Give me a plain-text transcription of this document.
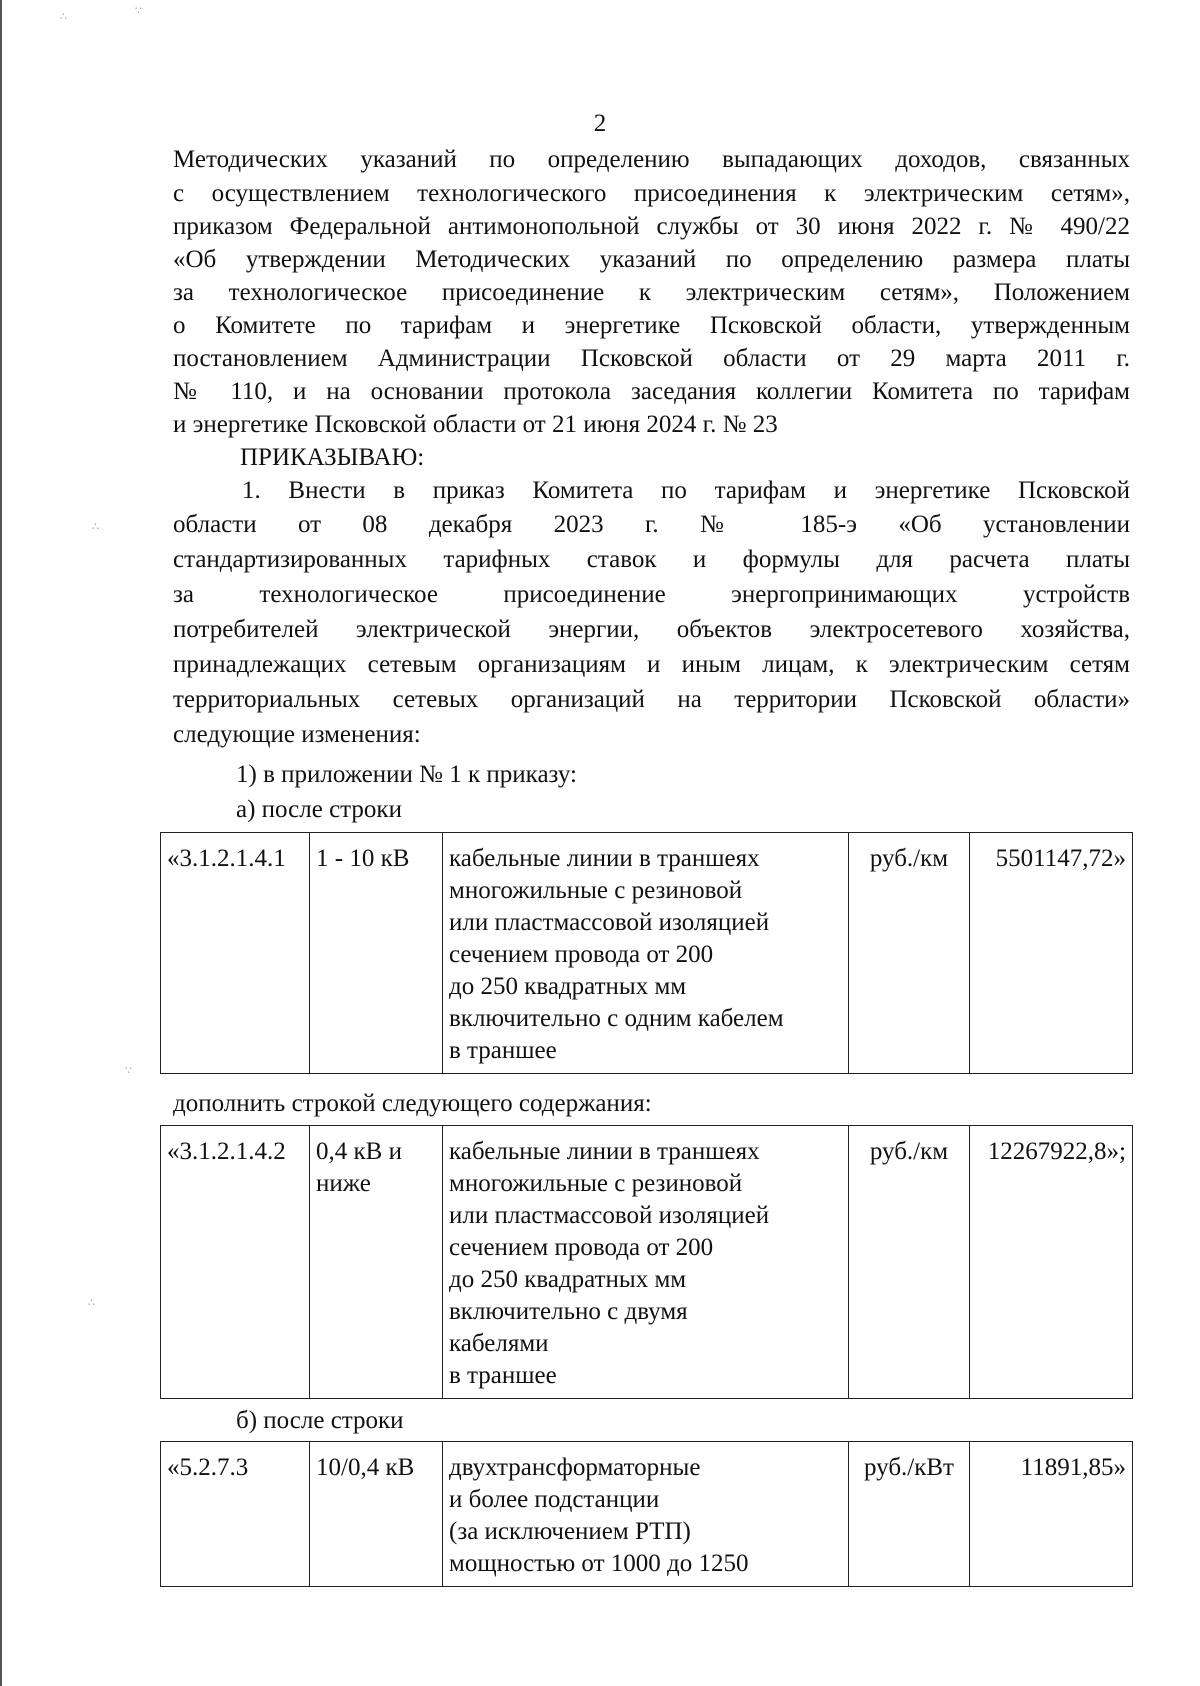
∴	∵
∴
∵
∴
2
Методических указаний по определению выпадающих доходов, связанных
с осуществлением технологического присоединения к электрическим сетям»,
приказом Федеральной антимонопольной службы от 30 июня 2022 г. № 490/22
«Об утверждении Методических указаний по определению размера платы
за технологическое присоединение к электрическим сетям», Положением
о Комитете по тарифам и энергетике Псковской области, утвержденным
постановлением Администрации Псковской области от 29 марта 2011 г.
№ 110, и на основании протокола заседания коллегии Комитета по тарифам
и энергетике Псковской области от 21 июня 2024 г. № 23
ПРИКАЗЫВАЮ:
1. Внести в приказ Комитета по тарифам и энергетике Псковской
области от 08 декабря 2023 г. № 185-э «Об установлении
стандартизированных тарифных ставок и формулы для расчета платы
за технологическое присоединение энергопринимающих устройств
потребителей электрической энергии, объектов электросетевого хозяйства,
принадлежащих сетевым организациям и иным лицам, к электрическим сетям
территориальных сетевых организаций на территории Псковской области»
следующие изменения:
1) в приложении № 1 к приказу:
а) после строки
«3.1.2.1.4.1	1 - 10 кВ	кабельные линии в траншеях
многожильные с резиновой
или пластмассовой изоляцией
сечением провода от 200
до 250 квадратных мм
включительно с одним кабелем
в траншее
	руб./км	5501147,72»
дополнить строкой следующего содержания:
«3.1.2.1.4.2	0,4 кВ и ниже	
кабельные линии в траншеях
многожильные с резиновой
или пластмассовой изоляцией
сечением провода от 200
до 250 квадратных мм
включительно с двумя
кабелями
в траншее
	руб./км	12267922,8»;
б) после строки
«5.2.7.3	10/0,4 кВ	двухтрансформаторные
и более подстанции
(за исключением РТП)
мощностью от 1000 до 1250
	руб./кВт	11891,85»
